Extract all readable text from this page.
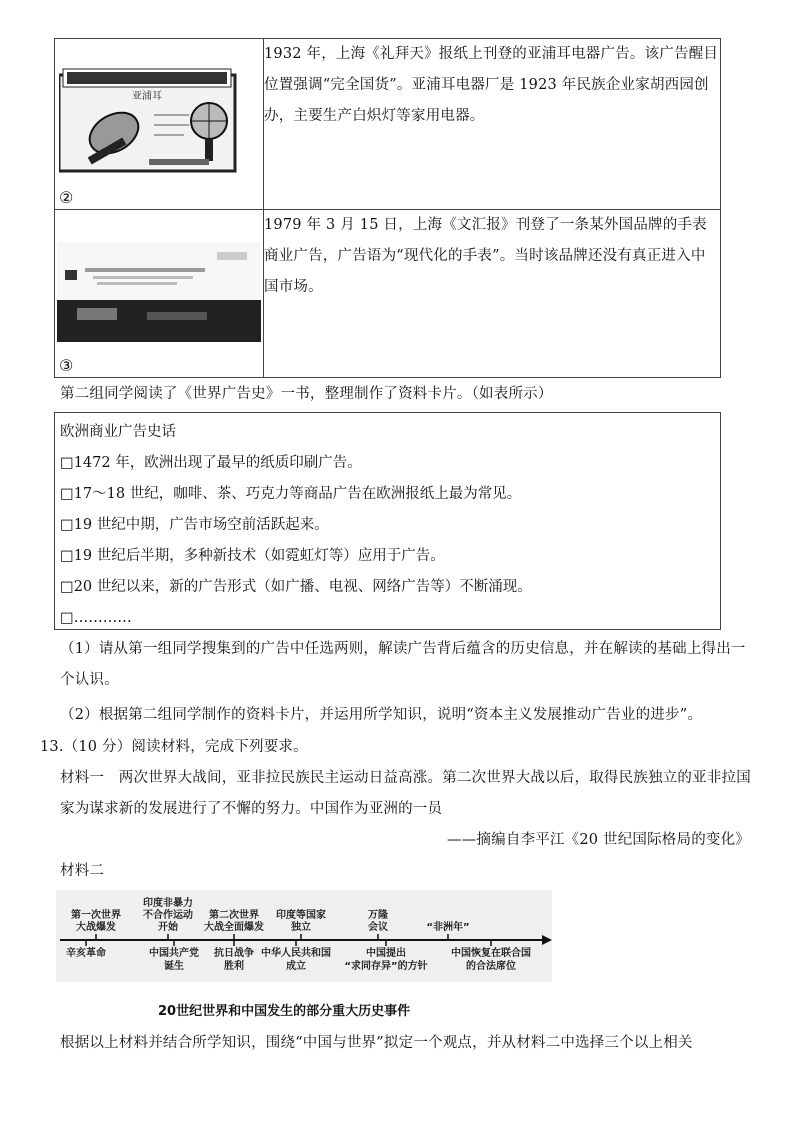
亚浦耳
②	1932 年，上海《礼拜天》报纸上刊登的亚浦耳电器广告。该广告醒目位置强调“完全国货”。亚浦耳电器厂是 1923 年民族企业家胡西园创办，主要生产白炽灯等家用电器。

③	1979 年 3 月 15 日，上海《文汇报》刊登了一条某外国品牌的手表商业广告，广告语为“现代化的手表”。当时该品牌还没有真正进入中国市场。
第二组同学阅读了《世界广告史》一书，整理制作了资料卡片。（如表所示）
欧洲商业广告史话
□1472 年，欧洲出现了最早的纸质印刷广告。
□17～18 世纪，咖啡、茶、巧克力等商品广告在欧洲报纸上最为常见。
□19 世纪中期，广告市场空前活跃起来。
□19 世纪后半期，多种新技术（如霓虹灯等）应用于广告。
□20 世纪以来，新的广告形式（如广播、电视、网络广告等）不断涌现。
□…………
（1）请从第一组同学搜集到的广告中任选两则，解读广告背后蕴含的历史信息，并在解读的基础上得出一个认识。
（2）根据第二组同学制作的资料卡片，并运用所学知识，说明“资本主义发展推动广告业的进步”。
13.（10 分）阅读材料，完成下列要求。
材料一　两次世界大战间，亚非拉民族民主运动日益高涨。第二次世界大战以后，取得民族独立的亚非拉国家为谋求新的发展进行了不懈的努力。中国作为亚洲的一员
——摘编自李平江《20 世纪国际格局的变化》
材料二
第一次世界
大战爆发
印度非暴力
不合作运动
开始
第二次世界
大战全面爆发
印度等国家
独立
万隆
会议	“非洲年”
辛亥革命	中国共产党
诞生
抗日战争
胜利
中华人民共和国
成立
中国提出
“求同存异”的方针
中国恢复在联合国
的合法席位
20世纪世界和中国发生的部分重大历史事件
根据以上材料并结合所学知识，围绕“中国与世界”拟定一个观点，并从材料二中选择三个以上相关
